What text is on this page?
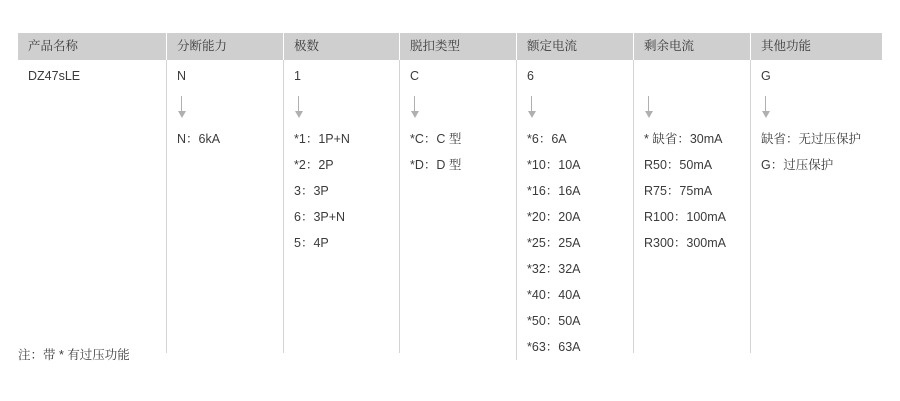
产品名称
DZ47sLE
分断能力
N
N：6kA
极数
1
*1：1P+N
*2：2P
3：3P
6：3P+N
5：4P
脱扣类型
C
*C：C 型
*D：D 型
额定电流
6
*6：6A
*10：10A
*16：16A
*20：20A
*25：25A
*32：32A
*40：40A
*50：50A
*63：63A
剩余电流
* 缺省：30mA
R50：50mA
R75：75mA
R100：100mA
R300：300mA
其他功能
G
缺省：无过压保护
G：过压保护
注：带 * 有过压功能
